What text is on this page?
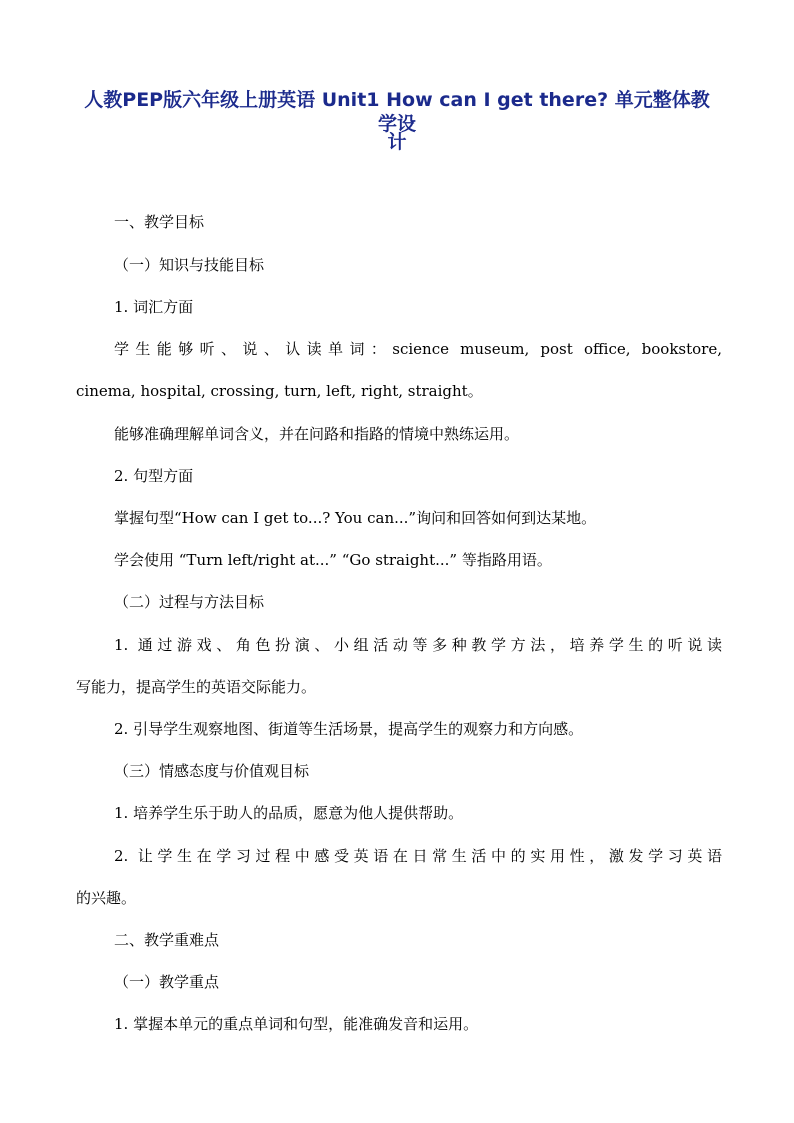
人教PEP版六年级上册英语 Unit1 How can I get there? 单元整体教学设
计
一、教学目标
（一）知识与技能目标
1. 词汇方面
学生能够听、说、认读单词：science museum, post office, bookstore,
cinema, hospital, crossing, turn, left, right, straight。
能够准确理解单词含义，并在问路和指路的情境中熟练运用。
2. 句型方面
掌握句型“How can I get to...? You can...”询问和回答如何到达某地。
学会使用 “Turn left/right at...” “Go straight...” 等指路用语。
（二）过程与方法目标
1. 通过游戏、角色扮演、小组活动等多种教学方法，培养学生的听说读
写能力，提高学生的英语交际能力。
2. 引导学生观察地图、街道等生活场景，提高学生的观察力和方向感。
（三）情感态度与价值观目标
1. 培养学生乐于助人的品质，愿意为他人提供帮助。
2. 让学生在学习过程中感受英语在日常生活中的实用性，激发学习英语
的兴趣。
二、教学重难点
（一）教学重点
1. 掌握本单元的重点单词和句型，能准确发音和运用。
